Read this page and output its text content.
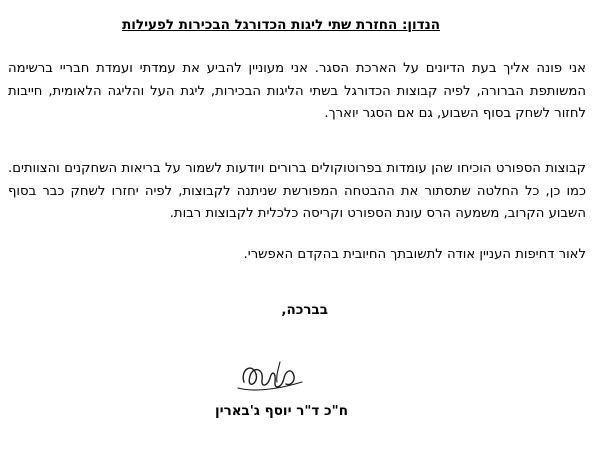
הנדון: החזרת שתי ליגות הכדורגל הבכירות לפעילות
אני פונה אליך בעת הדיונים על הארכת הסגר. אני מעוניין להביע את עמדתי ועמדת חבריי ברשימה המשותפת הברורה, לפיה קבוצות הכדורגל בשתי הליגות הבכירות, ליגת העל והליגה הלאומית, חייבות לחזור לשחק בסוף השבוע, גם אם הסגר יוארך.
קבוצות הספורט הוכיחו שהן עומדות בפרוטוקולים ברורים ויודעות לשמור על בריאות השחקנים והצוותים. כמו כן, כל החלטה שתסתור את ההבטחה המפורשת שניתנה לקבוצות, לפיה יחזרו לשחק כבר בסוף השבוע הקרוב, משמעה הרס עונת הספורט וקריסה כלכלית לקבוצות רבות.
לאור דחיפות העניין אודה לתשובתך החיובית בהקדם האפשרי.
בברכה,
ח"כ ד"ר יוסף ג'בארין
